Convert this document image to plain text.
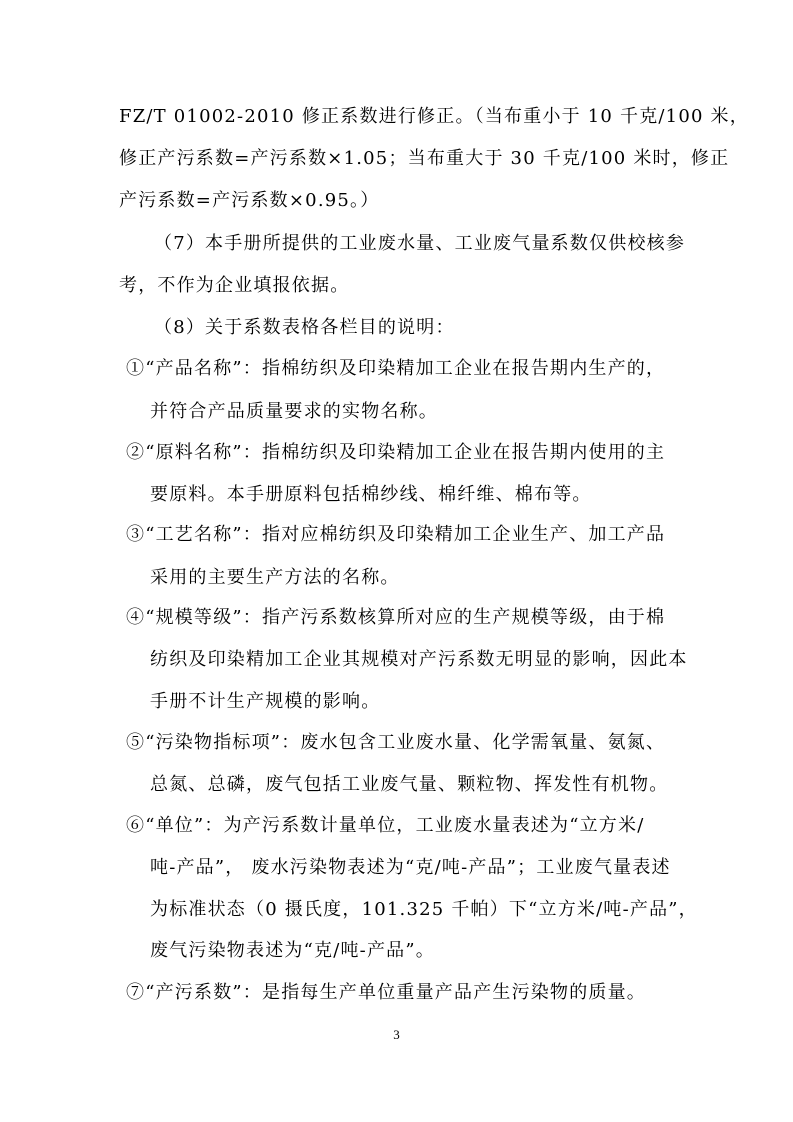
FZ/T 01002-2010 修正系数进行修正。（当布重小于 10 千克/100 米，
修正产污系数=产污系数×1.05；当布重大于 30 千克/100 米时，修正
产污系数=产污系数×0.95。）
（7）本手册所提供的工业废水量、工业废气量系数仅供校核参
考，不作为企业填报依据。
（8）关于系数表格各栏目的说明：
①“产品名称”：指棉纺织及印染精加工企业在报告期内生产的，
并符合产品质量要求的实物名称。
②“原料名称”：指棉纺织及印染精加工企业在报告期内使用的主
要原料。本手册原料包括棉纱线、棉纤维、棉布等。
③“工艺名称”：指对应棉纺织及印染精加工企业生产、加工产品
采用的主要生产方法的名称。
④“规模等级”：指产污系数核算所对应的生产规模等级，由于棉
纺织及印染精加工企业其规模对产污系数无明显的影响，因此本
手册不计生产规模的影响。
⑤“污染物指标项”：废水包含工业废水量、化学需氧量、氨氮、
总氮、总磷，废气包括工业废气量、颗粒物、挥发性有机物。
⑥“单位”：为产污系数计量单位，工业废水量表述为“立方米/
吨-产品”， 废水污染物表述为“克/吨-产品”；工业废气量表述
为标准状态（0 摄氏度，101.325 千帕）下“立方米/吨-产品”，
废气污染物表述为“克/吨-产品”。
⑦“产污系数”：是指每生产单位重量产品产生污染物的质量。
3
